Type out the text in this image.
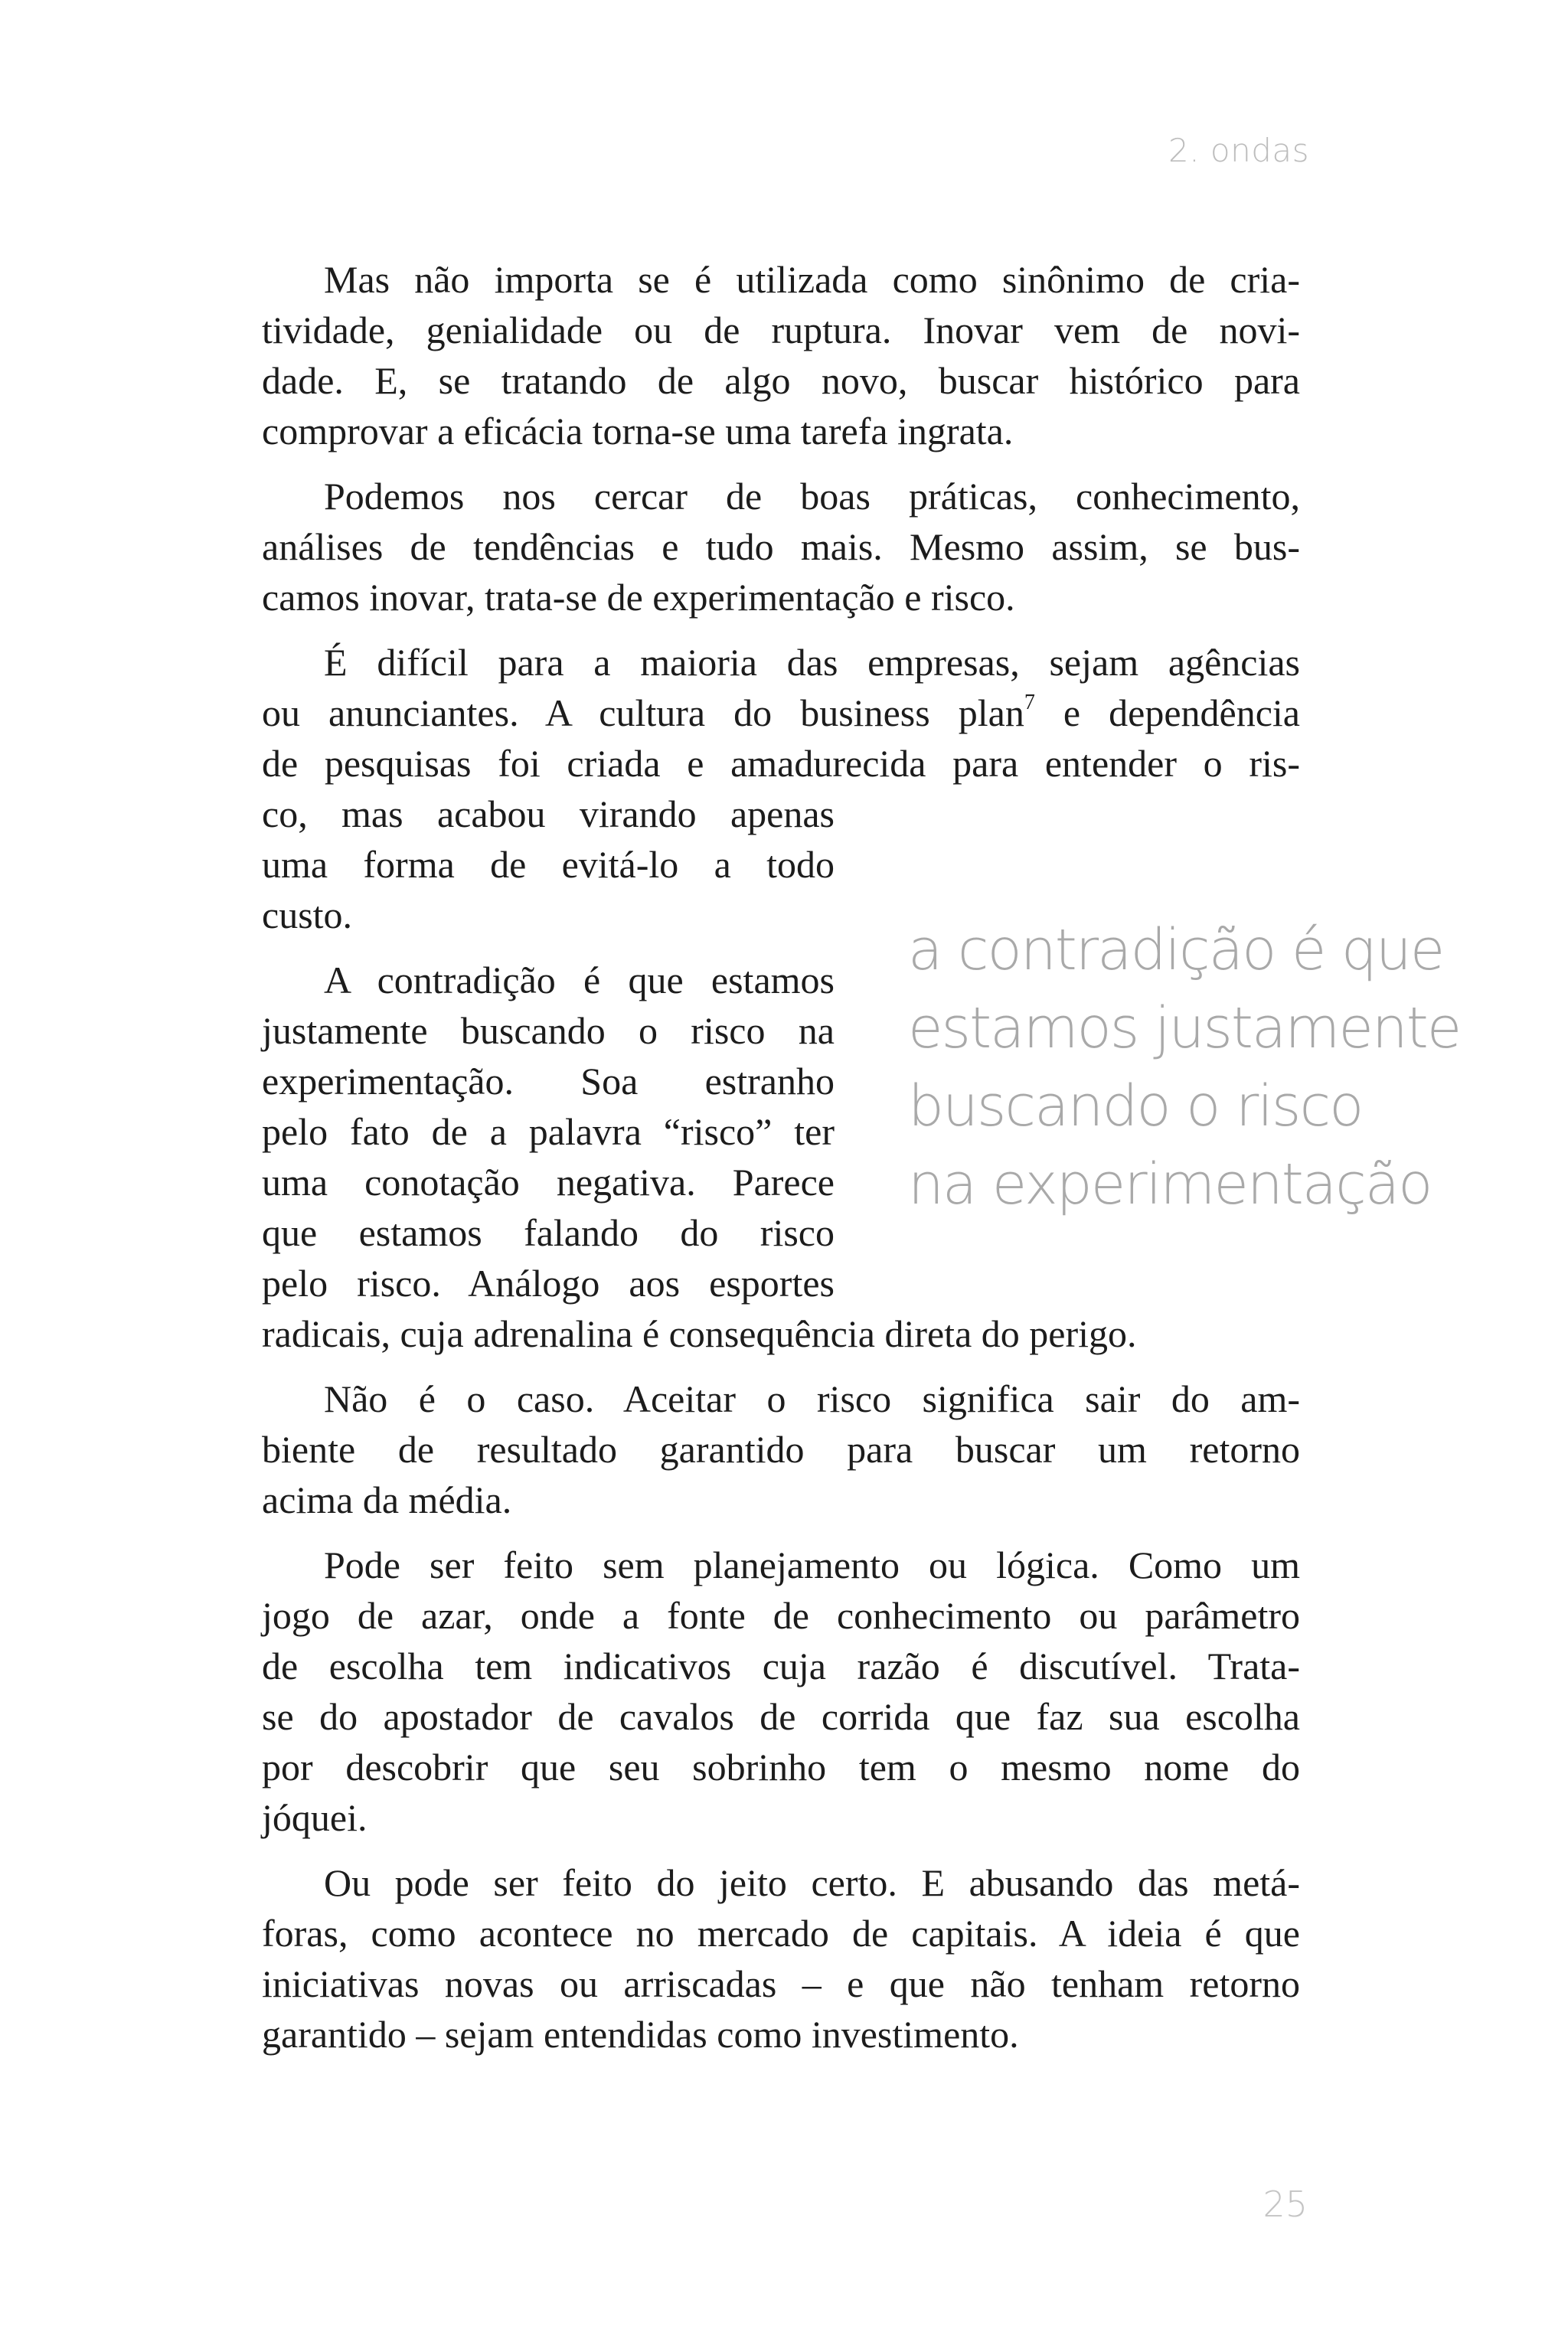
2. ondas
Mas não importa se é utilizada como sinônimo de cria-
tividade, genialidade ou de ruptura. Inovar vem de novi-
dade. E, se tratando de algo novo, buscar histórico para
comprovar a eficácia torna-se uma tarefa ingrata.
Podemos nos cercar de boas práticas, conhecimento,
análises de tendências e tudo mais. Mesmo assim, se bus-
camos inovar, trata-se de experimentação e risco.
É difícil para a maioria das empresas, sejam agências
ou anunciantes. A cultura do business plan$^7$ e dependência
de pesquisas foi criada e amadurecida para entender o ris-
co, mas acabou virando apenas
uma forma de evitá-lo a todo
custo.
A contradição é que estamos
justamente buscando o risco na
experimentação. Soa estranho
pelo fato de a palavra “risco” ter
uma conotação negativa. Parece
que estamos falando do risco
pelo risco. Análogo aos esportes
radicais, cuja adrenalina é consequência direta do perigo.
Não é o caso. Aceitar o risco significa sair do am-
biente de resultado garantido para buscar um retorno
acima da média.
Pode ser feito sem planejamento ou lógica. Como um
jogo de azar, onde a fonte de conhecimento ou parâmetro
de escolha tem indicativos cuja razão é discutível. Trata-
se do apostador de cavalos de corrida que faz sua escolha
por descobrir que seu sobrinho tem o mesmo nome do
jóquei.
Ou pode ser feito do jeito certo. E abusando das metá-
foras, como acontece no mercado de capitais. A ideia é que
iniciativas novas ou arriscadas – e que não tenham retorno
garantido – sejam entendidas como investimento.
a contradição é que
estamos justamente
buscando o risco
na experimentação
25
